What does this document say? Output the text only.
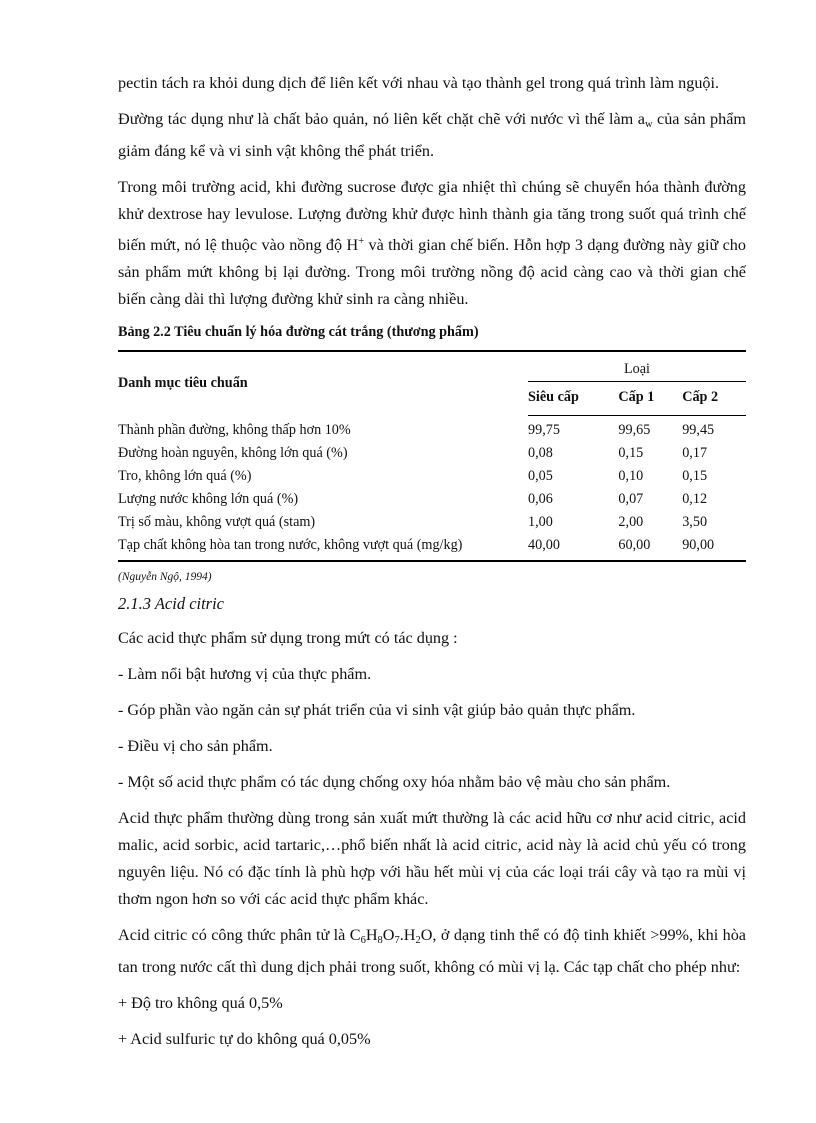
pectin tách ra khỏi dung dịch để liên kết với nhau và tạo thành gel trong quá trình làm nguội.

Đường tác dụng như là chất bảo quản, nó liên kết chặt chẽ với nước vì thế làm $a_w$ của sản phẩm giảm đáng kể và vi sinh vật không thể phát triển.

Trong môi trường acid, khi đường sucrose được gia nhiệt thì chúng sẽ chuyển hóa thành đường khử dextrose hay levulose. Lượng đường khử được hình thành gia tăng trong suốt quá trình chế biến mứt, nó lệ thuộc vào nồng độ H+ và thời gian chế biến. Hỗn hợp 3 dạng đường này giữ cho sản phẩm mứt không bị lại đường. Trong môi trường nồng độ acid càng cao và thời gian chế biến càng dài thì lượng đường khử sinh ra càng nhiều.

Bảng 2.2 Tiêu chuẩn lý hóa đường cát trắng (thương phẩm)

Danh mục tiêu chuẩn	Loại		
	Siêu cấp	Cấp 1	Cấp 2
Thành phần đường, không thấp hơn 10%	99,75	99,65	99,45
Đường hoàn nguyên, không lớn quá (%)	0,08	0,15	0,17
Tro, không lớn quá (%)	0,05	0,10	0,15
Lượng nước không lớn quá (%)	0,06	0,07	0,12
Trị số màu, không vượt quá (stam)	1,00	2,00	3,50
Tạp chất không hòa tan trong nước, không vượt quá (mg/kg)	40,00	60,00	90,00

(Nguyễn Ngộ, 1994)

2.1.3 Acid citric

Các acid thực phẩm sử dụng trong mứt có tác dụng :

- Làm nổi bật hương vị của thực phẩm.

- Góp phần vào ngăn cản sự phát triển của vi sinh vật giúp bảo quản thực phẩm.

- Điều vị cho sản phẩm.

- Một số acid thực phẩm có tác dụng chống oxy hóa nhằm bảo vệ màu cho sản phẩm.

Acid thực phẩm thường dùng trong sản xuất mứt thường là các acid hữu cơ như acid citric, acid malic, acid sorbic, acid tartaric,…phổ biến nhất là acid citric, acid này là acid chủ yếu có trong nguyên liệu. Nó có đặc tính là phù hợp với hầu hết mùi vị của các loại trái cây và tạo ra mùi vị thơm ngon hơn so với các acid thực phẩm khác.

Acid citric có công thức phân tử là $C_6H_8O_7.H_2O$, ở dạng tinh thể có độ tinh khiết >99%, khi hòa tan trong nước cất thì dung dịch phải trong suốt, không có mùi vị lạ. Các tạp chất cho phép như:

+ Độ tro không quá 0,5%

+ Acid sulfuric tự do không quá 0,05%
